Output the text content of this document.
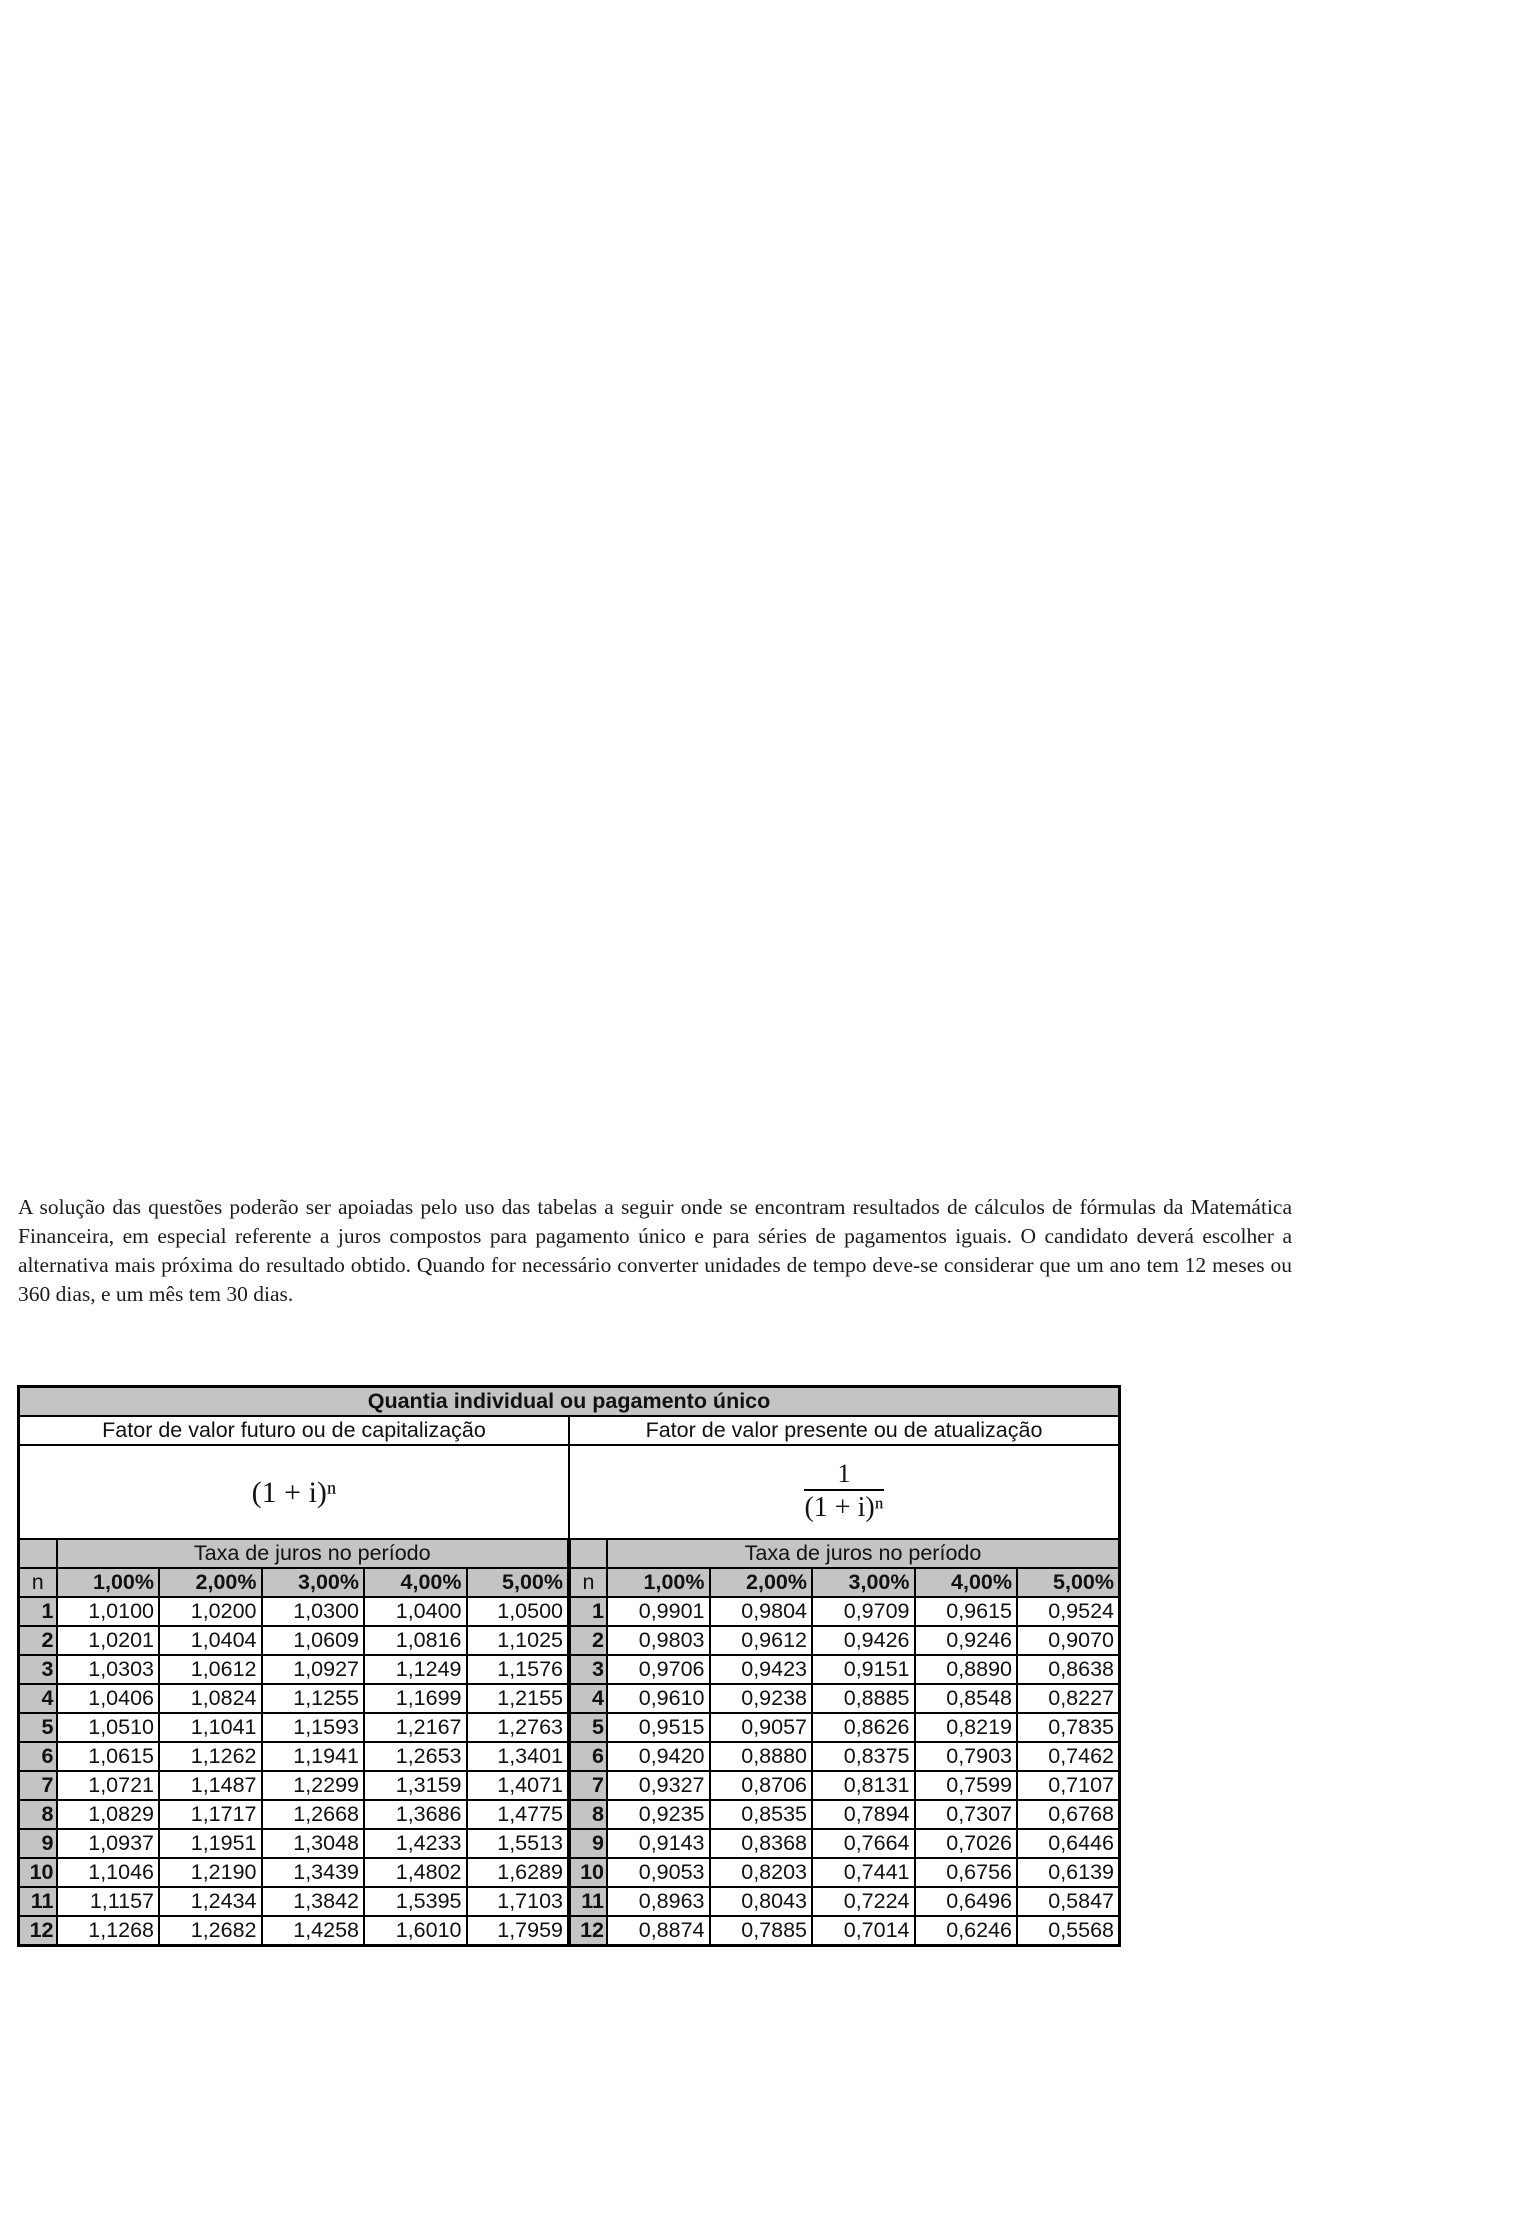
A solução das questões poderão ser apoiadas pelo uso das tabelas a seguir onde se encontram resultados de cálculos de fórmulas da Matemática Financeira, em especial referente a juros compostos para pagamento único e para séries de pagamentos iguais. O candidato deverá escolher a alternativa mais próxima do resultado obtido. Quando for necessário converter unidades de tempo deve-se considerar que um ano tem 12 meses ou 360 dias, e um mês tem 30 dias.
Quantia individual ou pagamento único											
Fator de valor futuro ou de capitalização						Fator de valor presente ou de atualização					
(1 + i)ⁿ						$\frac{1}{\text{(1 + i)ⁿ}}$

	Taxa de juros no período						Taxa de juros no período				
n	1,00%	2,00%	3,00%	4,00%	5,00%	n	1,00%	2,00%	3,00%	4,00%	5,00%
1	1,0100	1,0200	1,0300	1,0400	1,0500	1	0,9901	0,9804	0,9709	0,9615	0,9524
2	1,0201	1,0404	1,0609	1,0816	1,1025	2	0,9803	0,9612	0,9426	0,9246	0,9070
3	1,0303	1,0612	1,0927	1,1249	1,1576	3	0,9706	0,9423	0,9151	0,8890	0,8638
4	1,0406	1,0824	1,1255	1,1699	1,2155	4	0,9610	0,9238	0,8885	0,8548	0,8227
5	1,0510	1,1041	1,1593	1,2167	1,2763	5	0,9515	0,9057	0,8626	0,8219	0,7835
6	1,0615	1,1262	1,1941	1,2653	1,3401	6	0,9420	0,8880	0,8375	0,7903	0,7462
7	1,0721	1,1487	1,2299	1,3159	1,4071	7	0,9327	0,8706	0,8131	0,7599	0,7107
8	1,0829	1,1717	1,2668	1,3686	1,4775	8	0,9235	0,8535	0,7894	0,7307	0,6768
9	1,0937	1,1951	1,3048	1,4233	1,5513	9	0,9143	0,8368	0,7664	0,7026	0,6446
10	1,1046	1,2190	1,3439	1,4802	1,6289	10	0,9053	0,8203	0,7441	0,6756	0,6139
11	1,1157	1,2434	1,3842	1,5395	1,7103	11	0,8963	0,8043	0,7224	0,6496	0,5847
12	1,1268	1,2682	1,4258	1,6010	1,7959	12	0,8874	0,7885	0,7014	0,6246	0,5568
